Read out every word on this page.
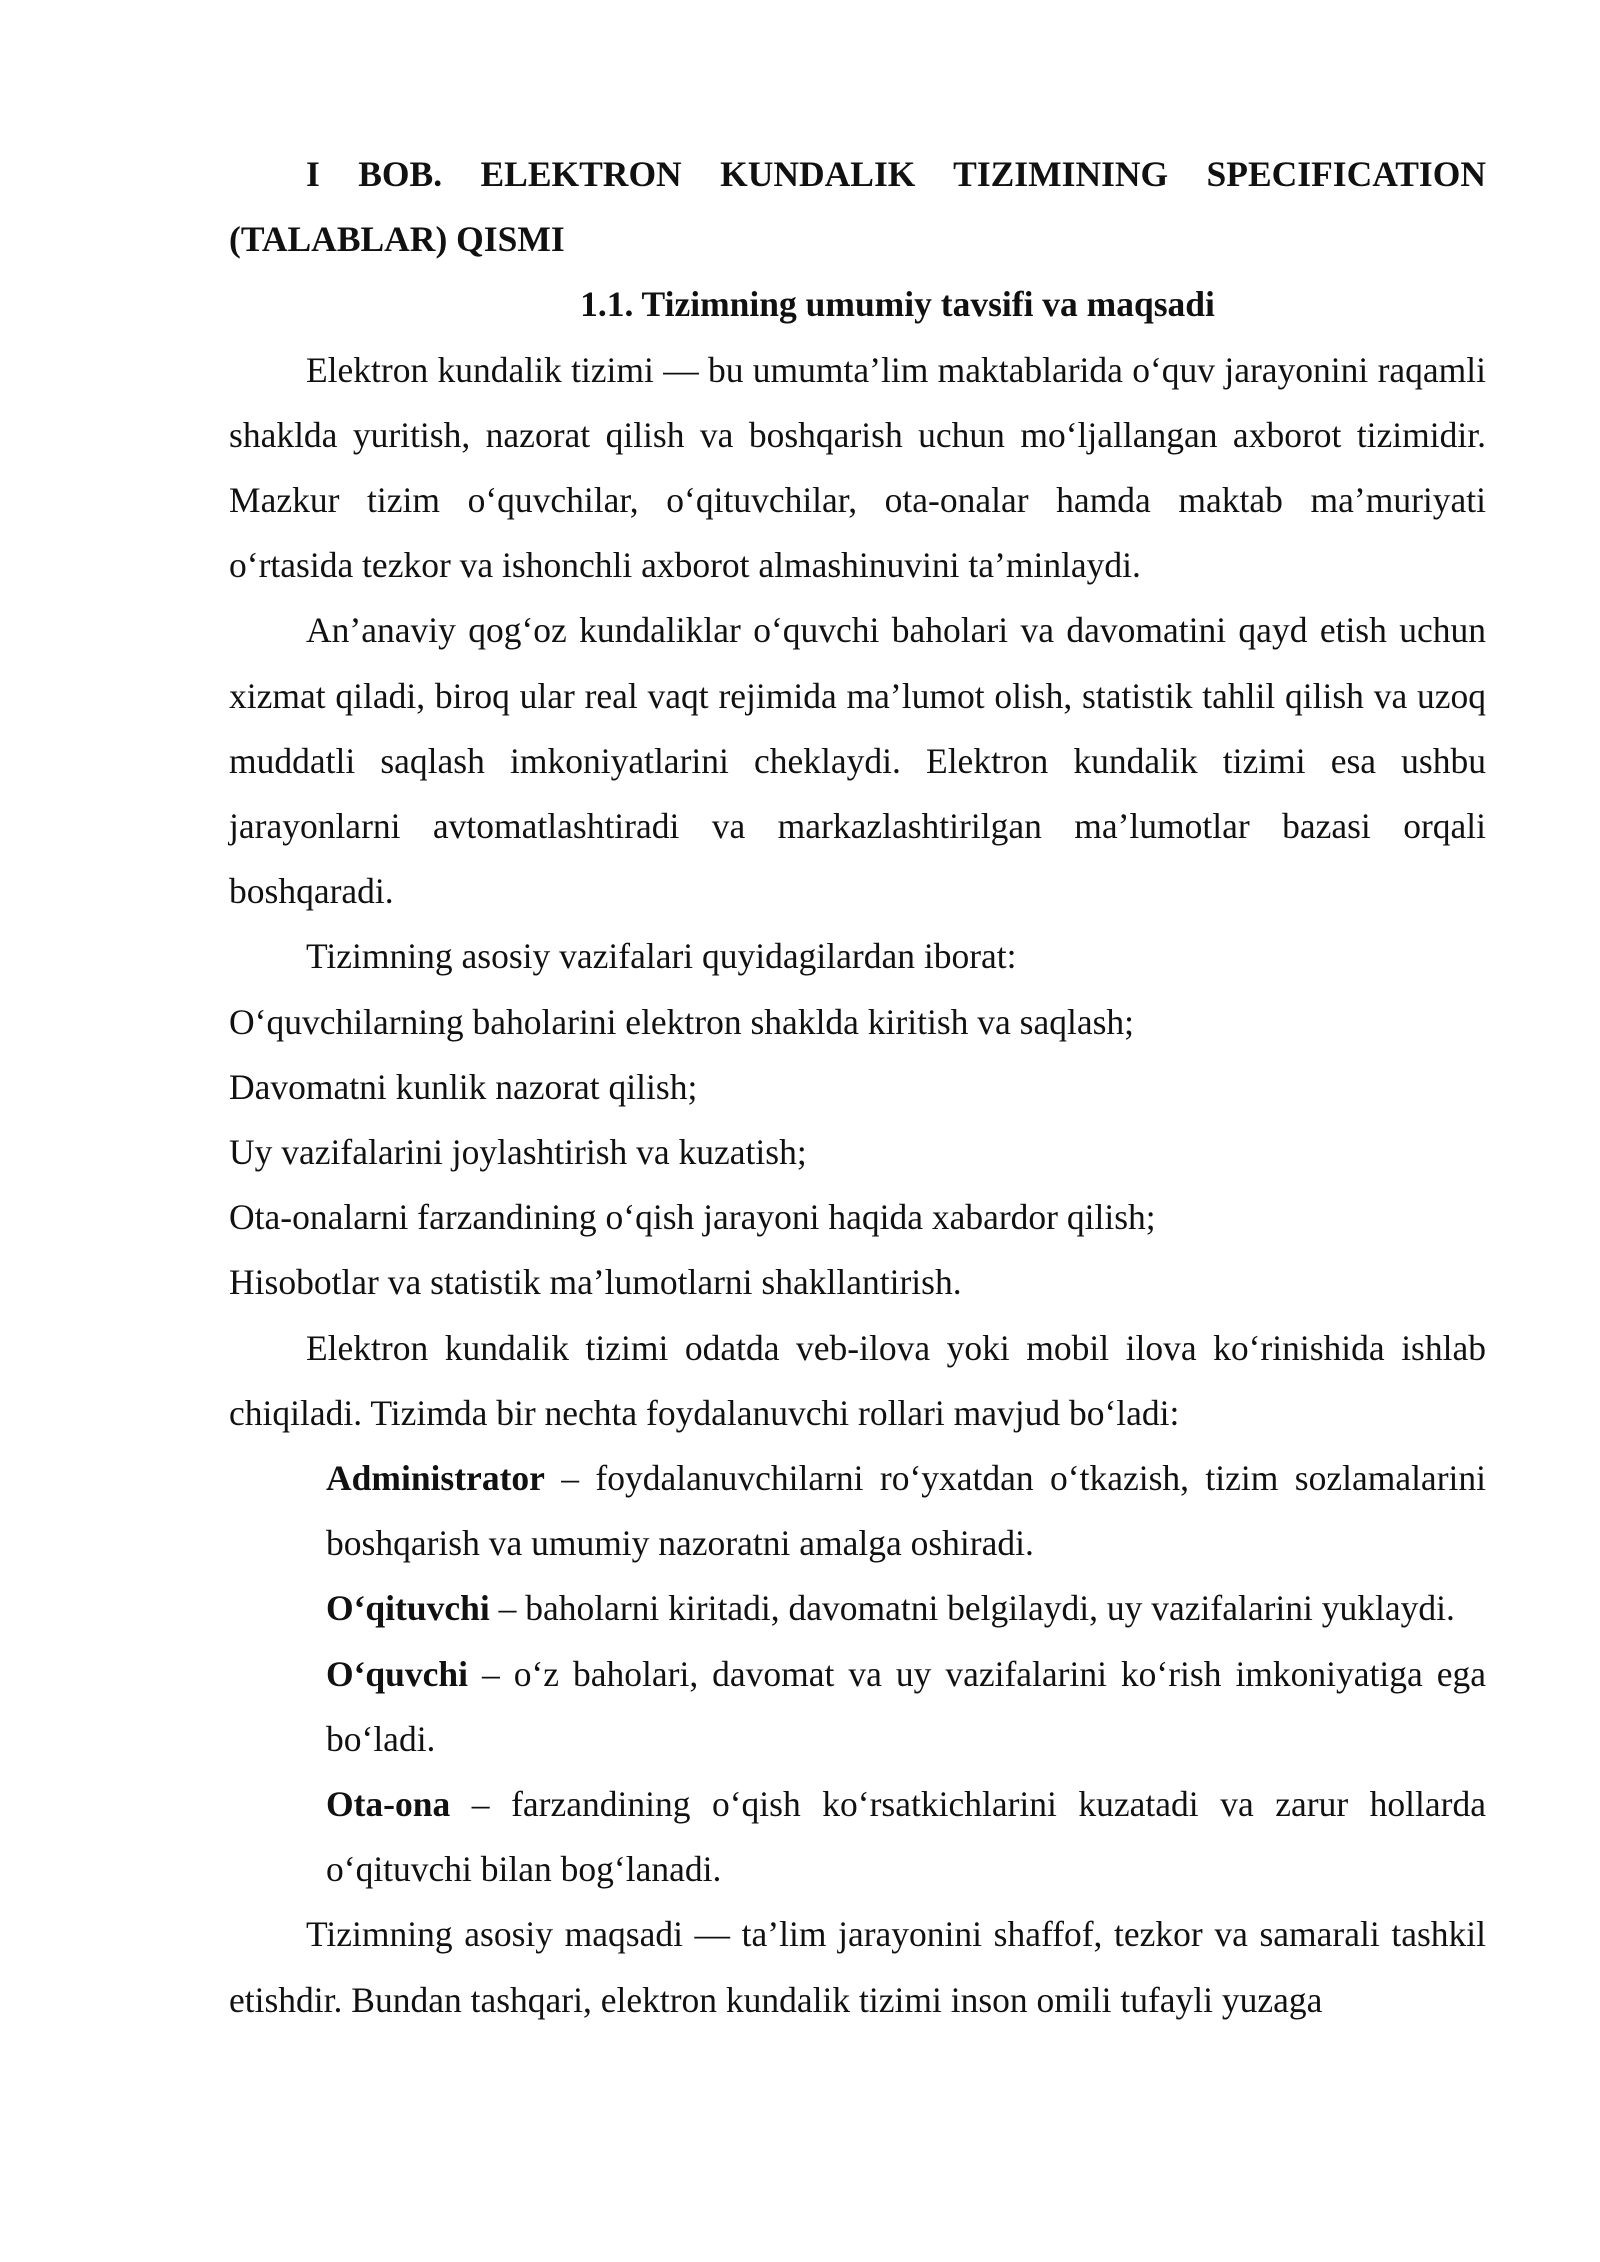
I BOB. ELEKTRON KUNDALIK TIZIMINING SPECIFICATION (TALABLAR) QISMI

1.1. Tizimning umumiy tavsifi va maqsadi

Elektron kundalik tizimi — bu umumta’lim maktablarida o‘quv jarayonini raqamli shaklda yuritish, nazorat qilish va boshqarish uchun mo‘ljallangan axborot tizimidir. Mazkur tizim o‘quvchilar, o‘qituvchilar, ota-onalar hamda maktab ma’muriyati o‘rtasida tezkor va ishonchli axborot almashinuvini ta’minlaydi.

An’anaviy qog‘oz kundaliklar o‘quvchi baholari va davomatini qayd etish uchun xizmat qiladi, biroq ular real vaqt rejimida ma’lumot olish, statistik tahlil qilish va uzoq muddatli saqlash imkoniyatlarini cheklaydi. Elektron kundalik tizimi esa ushbu jarayonlarni avtomatlashtiradi va markazlashtirilgan ma’lumotlar bazasi orqali boshqaradi.

Tizimning asosiy vazifalari quyidagilardan iborat:

O‘quvchilarning baholarini elektron shaklda kiritish va saqlash;

Davomatni kunlik nazorat qilish;

Uy vazifalarini joylashtirish va kuzatish;

Ota-onalarni farzandining o‘qish jarayoni haqida xabardor qilish;

Hisobotlar va statistik ma’lumotlarni shakllantirish.

Elektron kundalik tizimi odatda veb-ilova yoki mobil ilova ko‘rinishida ishlab chiqiladi. Tizimda bir nechta foydalanuvchi rollari mavjud bo‘ladi:

Administrator – foydalanuvchilarni ro‘yxatdan o‘tkazish, tizim sozlamalarini boshqarish va umumiy nazoratni amalga oshiradi.

O‘qituvchi – baholarni kiritadi, davomatni belgilaydi, uy vazifalarini yuklaydi.

O‘quvchi – o‘z baholari, davomat va uy vazifalarini ko‘rish imkoniyatiga ega bo‘ladi.

Ota-ona – farzandining o‘qish ko‘rsatkichlarini kuzatadi va zarur hollarda o‘qituvchi bilan bog‘lanadi.

Tizimning asosiy maqsadi — ta’lim jarayonini shaffof, tezkor va samarali tashkil etishdir. Bundan tashqari, elektron kundalik tizimi inson omili tufayli yuzaga
